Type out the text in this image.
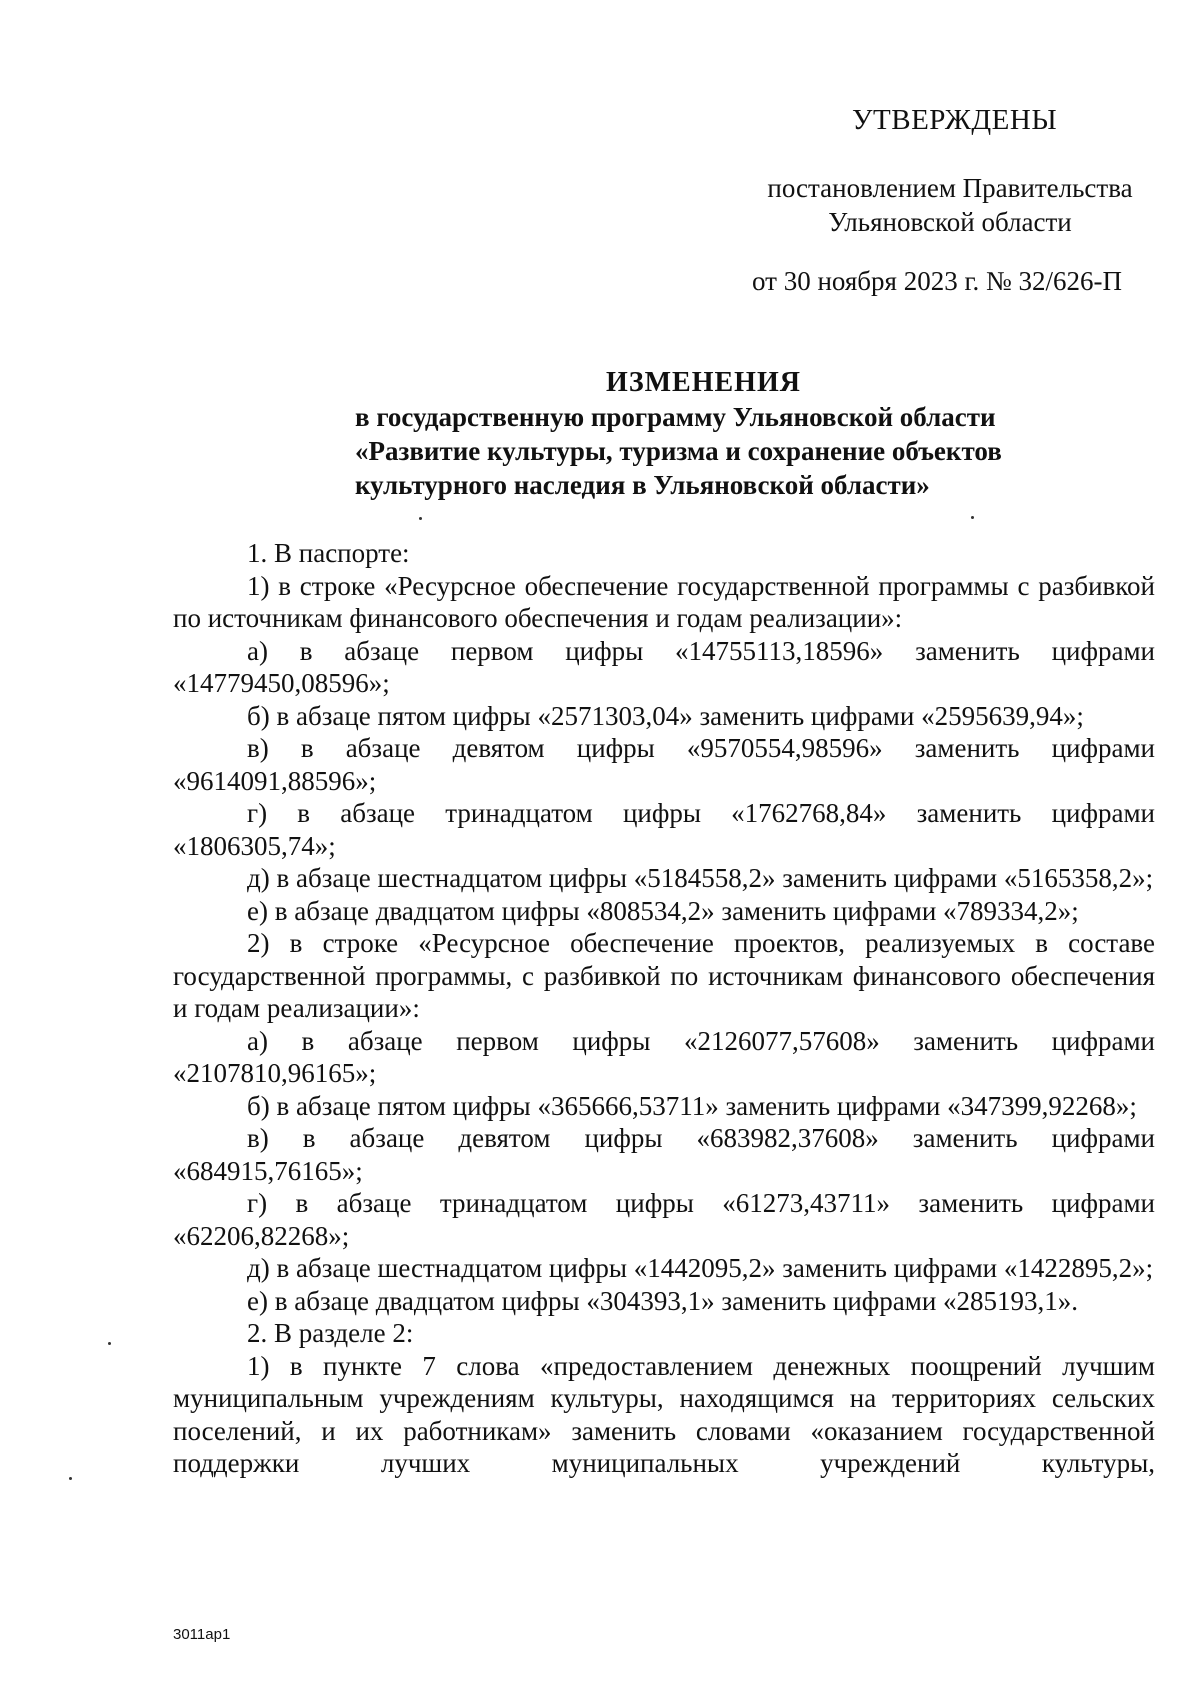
УТВЕРЖДЕНЫ
постановлением Правительства
Ульяновской области
от 30 ноября 2023 г. № 32/626-П
ИЗМЕНЕНИЯ
в государственную программу Ульяновской области
«Развитие культуры, туризма и сохранение объектов
культурного наследия в Ульяновской области»

1. В паспорте:

1) в строке «Ресурсное обеспечение государственной программы с разбивкой по источникам финансового обеспечения и годам реализации»:

а) в абзаце первом цифры «14755113,18596» заменить цифрами «14779450,08596»;

б) в абзаце пятом цифры «2571303,04» заменить цифрами «2595639,94»;

в) в абзаце девятом цифры «9570554,98596» заменить цифрами «9614091,88596»;

г) в абзаце тринадцатом цифры «1762768,84» заменить цифрами «1806305,74»;

д) в абзаце шестнадцатом цифры «5184558,2» заменить цифрами «5165358,2»;

е) в абзаце двадцатом цифры «808534,2» заменить цифрами «789334,2»;

2) в строке «Ресурсное обеспечение проектов, реализуемых в составе государственной программы, с разбивкой по источникам финансового обеспечения и годам реализации»:

а) в абзаце первом цифры «2126077,57608» заменить цифрами «2107810,96165»;

б) в абзаце пятом цифры «365666,53711» заменить цифрами «347399,92268»;

в) в абзаце девятом цифры «683982,37608» заменить цифрами «684915,76165»;

г) в абзаце тринадцатом цифры «61273,43711» заменить цифрами «62206,82268»;

д) в абзаце шестнадцатом цифры «1442095,2» заменить цифрами «1422895,2»;

е) в абзаце двадцатом цифры «304393,1» заменить цифрами «285193,1».

2. В разделе 2:

1) в пункте 7 слова «предоставлением денежных поощрений лучшим муниципальным учреждениям культуры, находящимся на территориях сельских поселений, и их работникам» заменить словами «оказанием государственной поддержки лучших муниципальных учреждений культуры,

3011ap1
